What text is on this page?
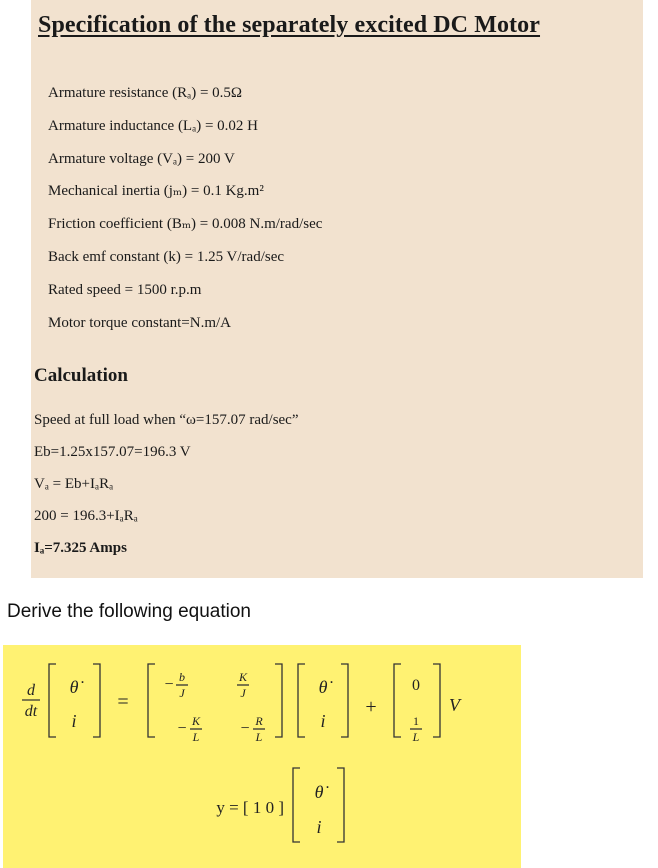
Specification of the separately excited DC Motor
Armature resistance (Rₐ) = 0.5Ω
Armature inductance (Lₐ) = 0.02 H
Armature voltage (Vₐ) = 200 V
Mechanical inertia (jₘ) = 0.1 Kg.m²
Friction coefficient (Bₘ) = 0.008 N.m/rad/sec
Back emf constant (k) = 1.25 V/rad/sec
Rated speed = 1500 r.p.m
Motor torque constant=N.m/A
Calculation
Speed at full load when “ω=157.07 rad/sec”
Eb=1.25x157.07=196.3 V
Vₐ = Eb+IₐRₐ
200 = 196.3+IₐRₐ
Iₐ=7.325 Amps
Derive the following equation
d
dt
θ̇
i
=
− b
J
K
J
− K
L	− R
L
θ̇
i
+
0
1
L
V
y = [ 1 0 ]
θ̇
i
